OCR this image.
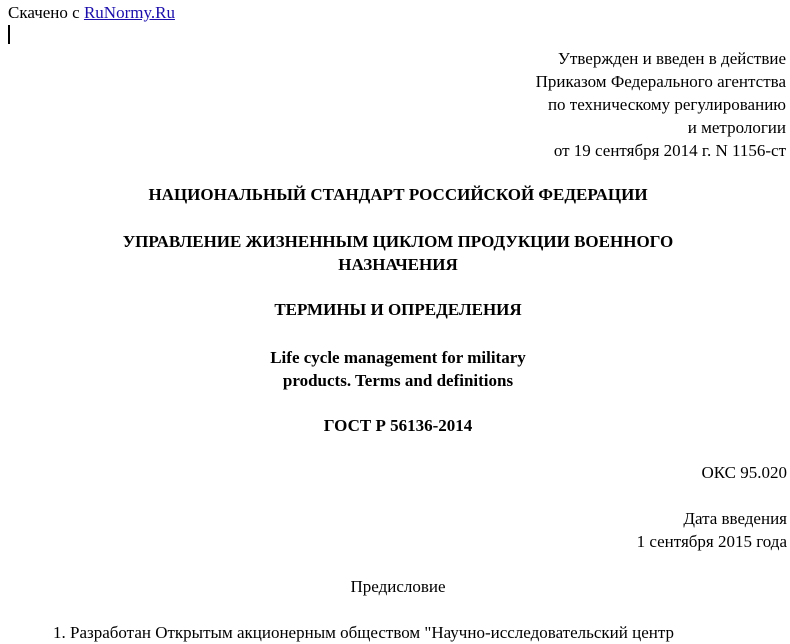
Скачено с RuNormy.Ru
Утвержден и введен в действие
Приказом Федерального агентства
по техническому регулированию
и метрологии
от 19 сентября 2014 г. N 1156-ст
НАЦИОНАЛЬНЫЙ СТАНДАРТ РОССИЙСКОЙ ФЕДЕРАЦИИ
УПРАВЛЕНИЕ ЖИЗНЕННЫМ ЦИКЛОМ ПРОДУКЦИИ ВОЕННОГО
НАЗНАЧЕНИЯ
ТЕРМИНЫ И ОПРЕДЕЛЕНИЯ
Life cycle management for military
products. Terms and definitions
ГОСТ Р 56136-2014
ОКС 95.020
Дата введения
1 сентября 2015 года
Предисловие
1. Разработан Открытым акционерным обществом "Научно-исследовательский центр
